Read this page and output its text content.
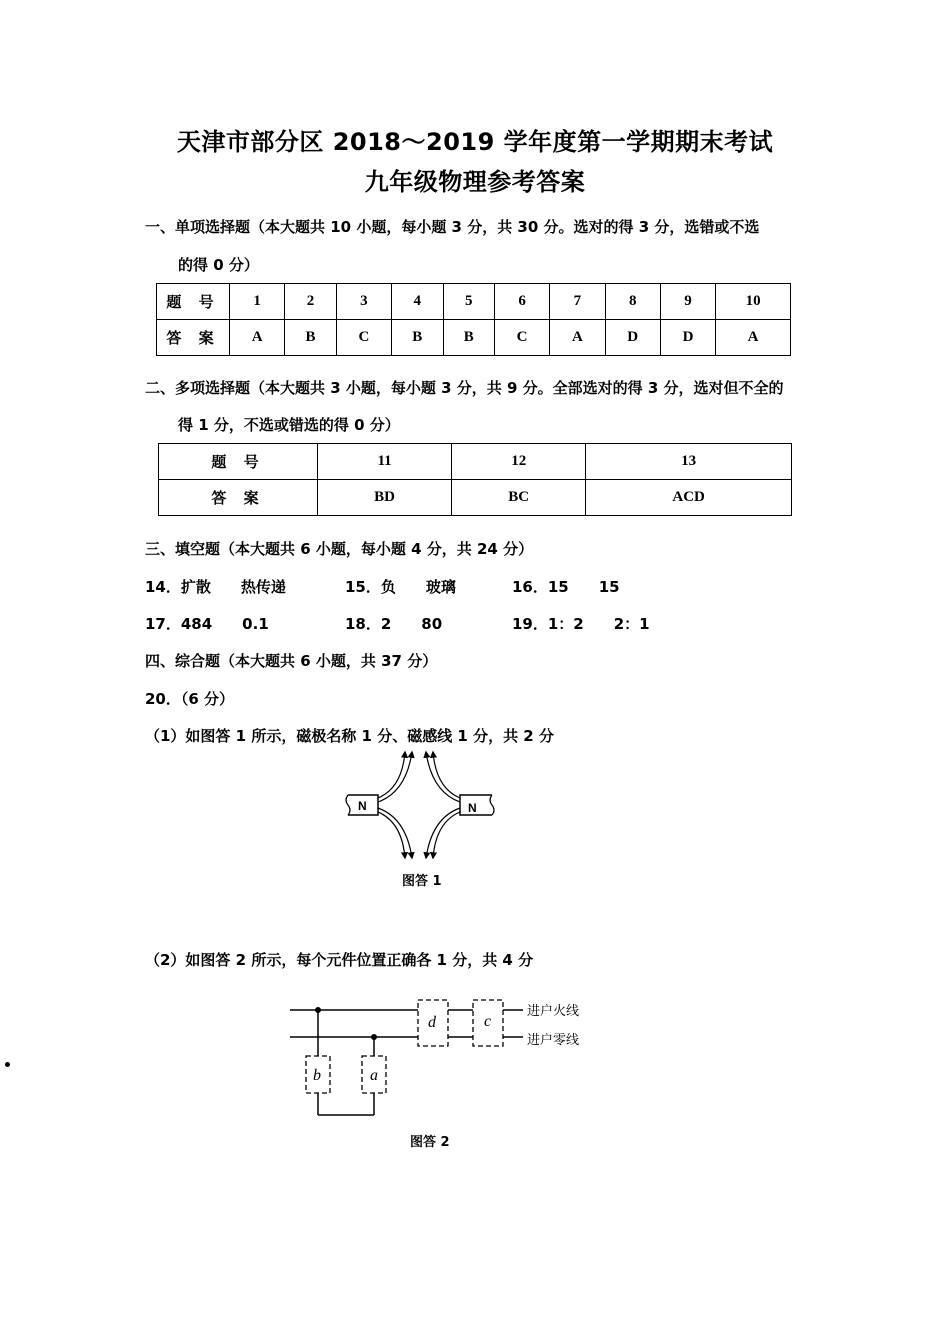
天津市部分区 2018～2019 学年度第一学期期末考试
九年级物理参考答案
一、单项选择题（本大题共 10 小题，每小题 3 分，共 30 分。选对的得 3 分，选错或不选
的得 0 分）
题 号	1	2	3	4	5	6	7	8	9	10
答 案	A	B	C	B	B	C	A	D	D	A
二、多项选择题（本大题共 3 小题，每小题 3 分，共 9 分。全部选对的得 3 分，选对但不全的
得 1 分，不选或错选的得 0 分）
题 号	11	12	13
答 案	BD	BC	ACD
三、填空题（本大题共 6 小题，每小题 4 分，共 24 分）
14．扩散　　热传递	15．负　　玻璃	16．15　　15
17．484　　0.1	18．2　　80	19．1：2　　2：1
四、综合题（本大题共 6 小题，共 37 分）
20．（6 分）
（1）如图答 1 所示，磁极名称 1 分、磁感线 1 分，共 2 分
N	N
图答 1
（2）如图答 2 所示，每个元件位置正确各 1 分，共 4 分
d	c
b	a
进户火线
进户零线
图答 2
